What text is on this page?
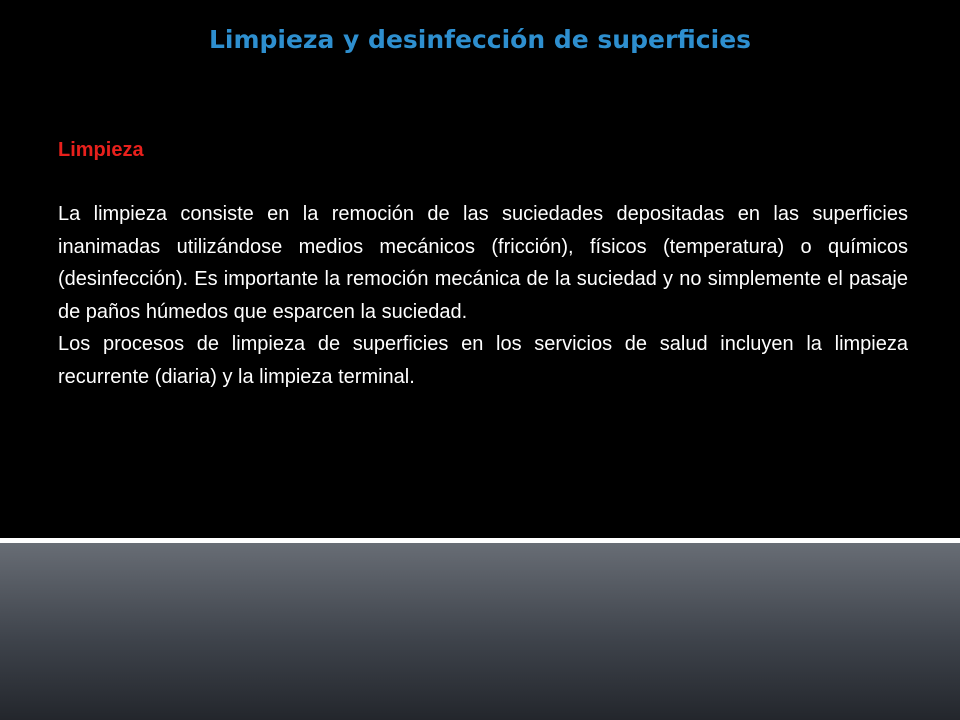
Limpieza y desinfección de superficies

Limpieza

La limpieza consiste en la remoción de las suciedades depositadas en las superficies inanimadas utilizándose medios mecánicos (fricción), físicos (temperatura) o químicos (desinfección). Es importante la remoción mecánica de la suciedad y no simplemente el pasaje de paños húmedos que esparcen la suciedad.

Los procesos de limpieza de superficies en los servicios de salud incluyen la limpieza recurrente (diaria) y la limpieza terminal.
